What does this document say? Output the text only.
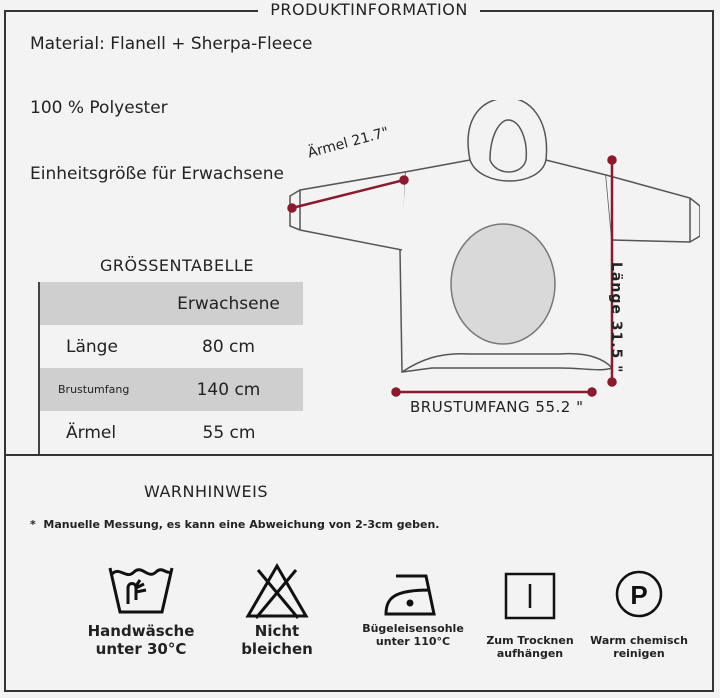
PRODUKTINFORMATION
Material: Flanell + Sherpa-Fleece
100 % Polyester
Einheitsgröße für Erwachsene
Ärmel 21.7"
Länge 31.5 "
BRUSTUMFANG 55.2 "
GRÖSSENTABELLE
	Erwachsene
Länge	80 cm
Brustumfang	140 cm
Ärmel	55 cm
WARNHINWEIS
*  Manuelle Messung, es kann eine Abweichung von 2-3cm geben.
Handwäsche
unter 30°C
Nicht
bleichen
Bügeleisensohle
unter 110°C	Zum Trocknen
aufhängen
P
Warm chemisch
reinigen
